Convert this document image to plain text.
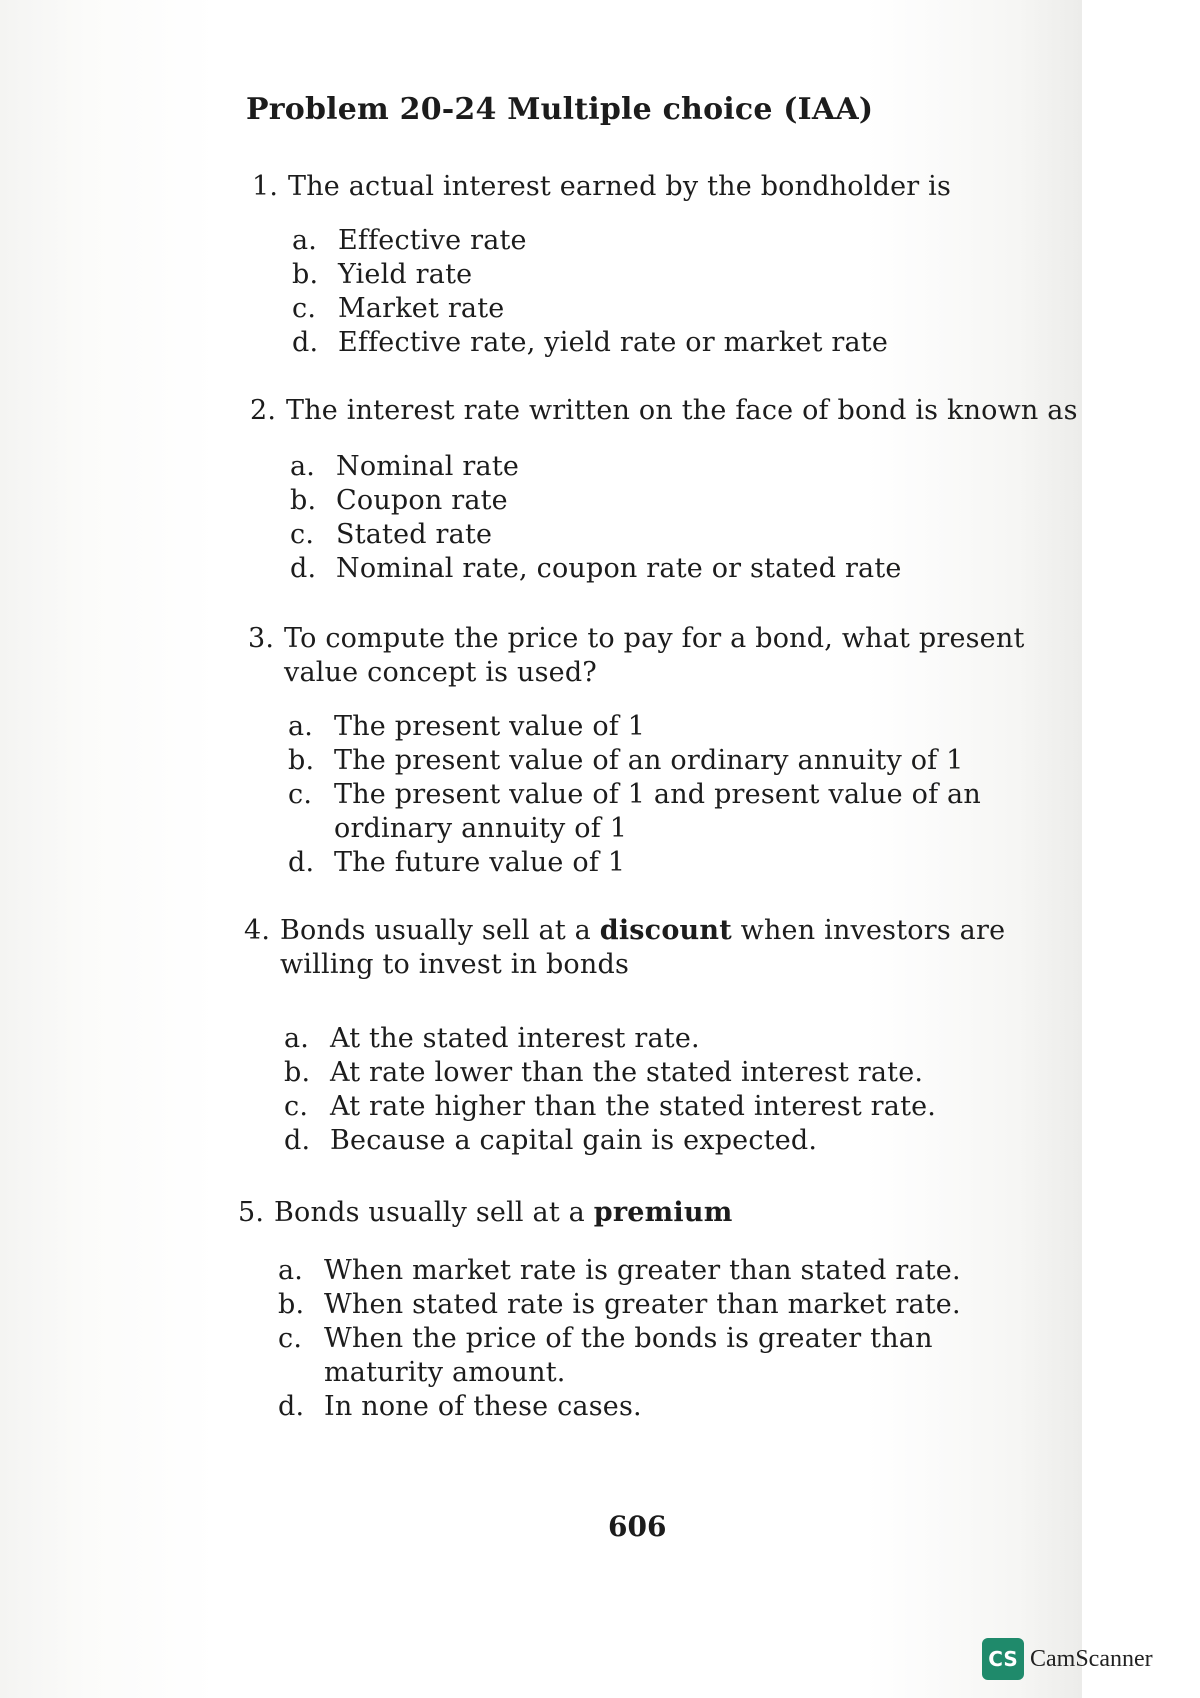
Problem 20-24 Multiple choice (IAA)
1. The actual interest earned by the bondholder is
a. Effective rate
b. Yield rate
c. Market rate
d. Effective rate, yield rate or market rate
2. The interest rate written on the face of bond is known as
a. Nominal rate
b. Coupon rate
c. Stated rate
d. Nominal rate, coupon rate or stated rate
3. To compute the price to pay for a bond, what present value concept is used?
a. The present value of 1
b. The present value of an ordinary annuity of 1
c. The present value of 1 and present value of an ordinary annuity of 1
d. The future value of 1
4. Bonds usually sell at a discount when investors are willing to invest in bonds
a. At the stated interest rate.
b. At rate lower than the stated interest rate.
c. At rate higher than the stated interest rate.
d. Because a capital gain is expected.
5. Bonds usually sell at a premium
a. When market rate is greater than stated rate.
b. When stated rate is greater than market rate.
c. When the price of the bonds is greater than maturity amount.
d. In none of these cases.
606
CS CamScanner
